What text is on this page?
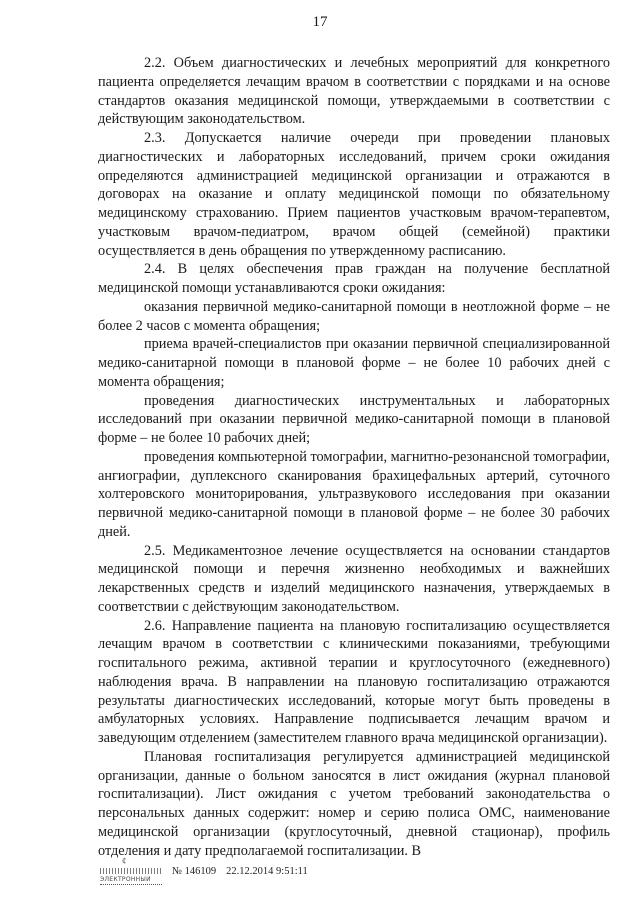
17

2.2. Объем диагностических и лечебных мероприятий для конкретного пациента определяется лечащим врачом в соответствии с порядками и на основе стандартов оказания медицинской помощи, утверждаемыми в соответствии с действующим законодательством.

2.3. Допускается наличие очереди при проведении плановых диагностических и лабораторных исследований, причем сроки ожидания определяются администрацией медицинской организации и отражаются в договорах на оказание и оплату медицинской помощи по обязательному медицинскому страхованию. Прием пациентов участковым врачом-терапевтом, участковым врачом-педиатром, врачом общей (семейной) практики осуществляется в день обращения по утвержденному расписанию.

2.4. В целях обеспечения прав граждан на получение бесплатной медицинской помощи устанавливаются сроки ожидания:

оказания первичной медико-санитарной помощи в неотложной форме – не более 2 часов с момента обращения;

приема врачей-специалистов при оказании первичной специализированной медико-санитарной помощи в плановой форме – не более 10 рабочих дней с момента обращения;

проведения диагностических инструментальных и лабораторных исследований при оказании первичной медико-санитарной помощи в плановой форме – не более 10 рабочих дней;

проведения компьютерной томографии, магнитно-резонансной томографии, ангиографии, дуплексного сканирования брахицефальных артерий, суточного холтеровского мониторирования, ультразвукового исследования при оказании первичной медико-санитарной помощи в плановой форме – не более 30 рабочих дней.

2.5. Медикаментозное лечение осуществляется на основании стандартов медицинской помощи и перечня жизненно необходимых и важнейших лекарственных средств и изделий медицинского назначения, утверждаемых в соответствии с действующим законодательством.

2.6. Направление пациента на плановую госпитализацию осуществляется лечащим врачом в соответствии с клиническими показаниями, требующими госпитального режима, активной терапии и круглосуточного (ежедневного) наблюдения врача. В направлении на плановую госпитализацию отражаются результаты диагностических исследований, которые могут быть проведены в амбулаторных условиях. Направление подписывается лечащим врачом и заведующим отделением (заместителем главного врача медицинской организации).

Плановая госпитализация регулируется администрацией медицинской организации, данные о больном заносятся в лист ожидания (журнал плановой госпитализации). Лист ожидания с учетом требований законодательства о персональных данных содержит: номер и серию полиса ОМС, наименование медицинской организации (круглосуточный, дневной стационар), профиль отделения и дату предполагаемой госпитализации. В

¢
ЭЛЕКТРОННЫЙ
№ 146109 22.12.2014 9:51:11
